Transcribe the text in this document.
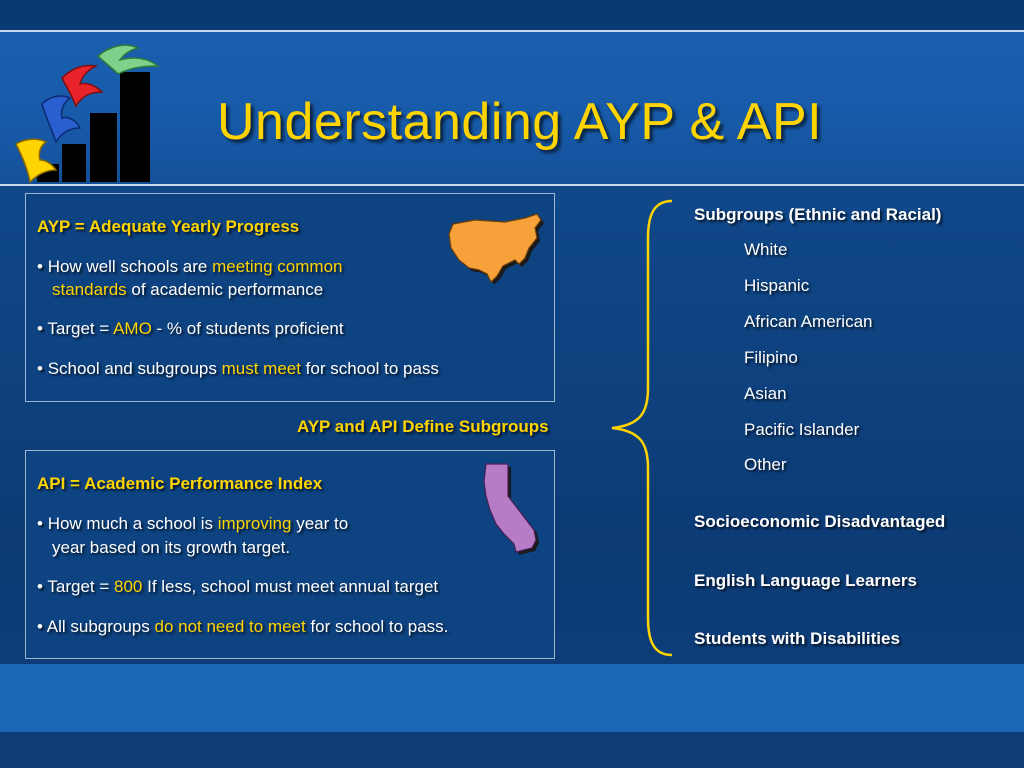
Understanding AYP & API
AYP = Adequate Yearly Progress
• How well schools are meeting common
standards of academic performance
• Target = AMO - % of students proficient
• School and subgroups must meet for school to pass
AYP and API Define Subgroups
API = Academic Performance Index
• How much a school is improving year to
year based on its growth target.
• Target = 800 If less, school must meet annual target
• All subgroups do not need to meet for school to pass.
Subgroups (Ethnic and Racial)
White
Hispanic
African American
Filipino
Asian
Pacific Islander
Other
Socioeconomic Disadvantaged
English Language Learners
Students with Disabilities
